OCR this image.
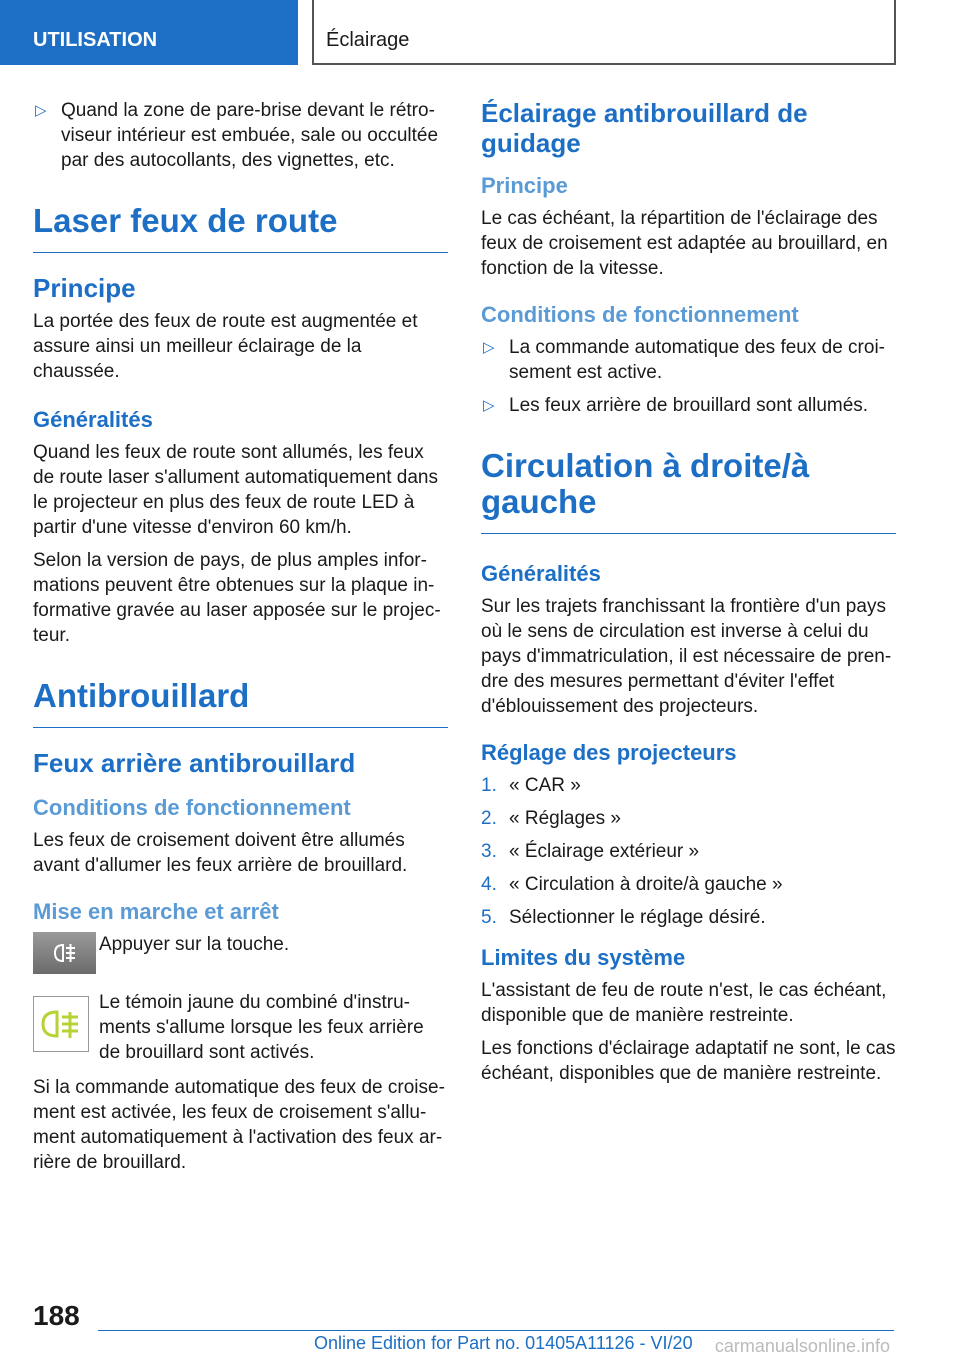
UTILISATION	Éclairage
▷ Quand la zone de pare-brise devant le rétroviseur intérieur est embuée, sale ou occultée par des autocollants, des vignettes, etc.
Laser feux de route
Principe

La portée des feux de route est augmentée et assure ainsi un meilleur éclairage de la chaussée.

Généralités

Quand les feux de route sont allumés, les feux de route laser s'allument automatiquement dans le projecteur en plus des feux de route LED à partir d'une vitesse d'environ 60 km/h.

Selon la version de pays, de plus amples informations peuvent être obtenues sur la plaque informative gravée au laser apposée sur le projecteur.

Antibrouillard
Feux arrière antibrouillard
Conditions de fonctionnement

Les feux de croisement doivent être allumés avant d'allumer les feux arrière de brouillard.

Mise en marche et arrêt

Appuyer sur la touche.

Le témoin jaune du combiné d'instruments s'allume lorsque les feux arrière de brouillard sont activés.

Si la commande automatique des feux de croisement est activée, les feux de croisement s'allument automatiquement à l'activation des feux arrière de brouillard.

Éclairage antibrouillard de guidage
Principe

Le cas échéant, la répartition de l'éclairage des feux de croisement est adaptée au brouillard, en fonction de la vitesse.

Conditions de fonctionnement
▷ La commande automatique des feux de croisement est active.
▷ Les feux arrière de brouillard sont allumés.
Circulation à droite/à gauche
Généralités

Sur les trajets franchissant la frontière d'un pays où le sens de circulation est inverse à celui du pays d'immatriculation, il est nécessaire de prendre des mesures permettant d'éviter l'effet d'éblouissement des projecteurs.

Réglage des projecteurs
1. « CAR »
2. « Réglages »
3. « Éclairage extérieur »
4. « Circulation à droite/à gauche »
5. Sélectionner le réglage désiré.
Limites du système

L'assistant de feu de route n'est, le cas échéant, disponible que de manière restreinte.

Les fonctions d'éclairage adaptatif ne sont, le cas échéant, disponibles que de manière restreinte.

188
Online Edition for Part no. 01405A11126 - VI/20 carmanualsonline.info
